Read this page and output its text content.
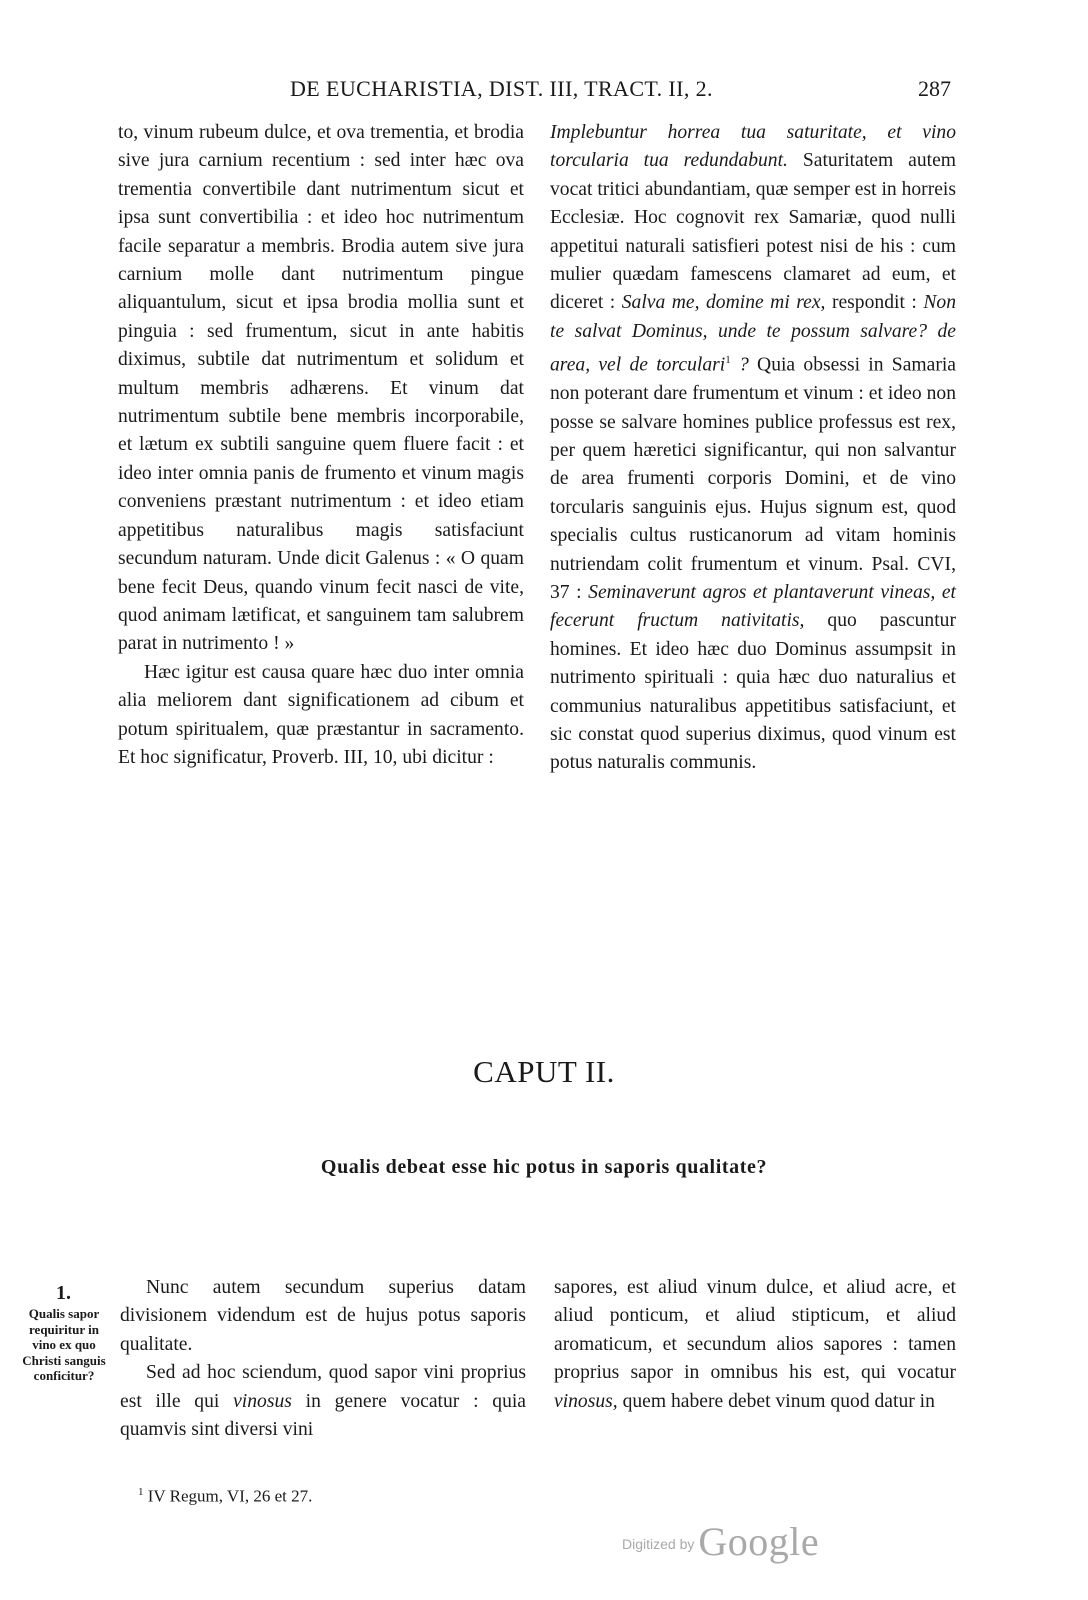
DE EUCHARISTIA, DIST. III, TRACT. II, 2.	287

to, vinum rubeum dulce, et ova trementia, et brodia sive jura carnium recentium : sed inter hæc ova trementia convertibile dant nutrimentum sicut et ipsa sunt convertibilia : et ideo hoc nutrimentum facile separatur a membris. Brodia autem sive jura carnium molle dant nutrimentum pingue aliquantulum, sicut et ipsa brodia mollia sunt et pinguia : sed frumentum, sicut in ante habitis diximus, subtile dat nutrimentum et solidum et multum membris adhærens. Et vinum dat nutrimentum subtile bene membris incorporabile, et lætum ex subtili sanguine quem fluere facit : et ideo inter omnia panis de frumento et vinum magis conveniens præstant nutrimentum : et ideo etiam appetitibus naturalibus magis satisfaciunt secundum naturam. Unde dicit Galenus : « O quam bene fecit Deus, quando vinum fecit nasci de vite, quod animam lætificat, et sanguinem tam salubrem parat in nutrimento ! »

Hæc igitur est causa quare hæc duo inter omnia alia meliorem dant significationem ad cibum et potum spiritualem, quæ præstantur in sacramento. Et hoc significatur, Proverb. III, 10, ubi dicitur :

Implebuntur horrea tua saturitate, et vino torcularia tua redundabunt. Saturitatem autem vocat tritici abundantiam, quæ semper est in horreis Ecclesiæ. Hoc cognovit rex Samariæ, quod nulli appetitui naturali satisfieri potest nisi de his : cum mulier quædam famescens clamaret ad eum, et diceret : Salva me, domine mi rex, respondit : Non te salvat Dominus, unde te possum salvare? de area, vel de torculari$^1$ ? Quia obsessi in Samaria non poterant dare frumentum et vinum : et ideo non posse se salvare homines publice professus est rex, per quem hæretici significantur, qui non salvantur de area frumenti corporis Domini, et de vino torcularis sanguinis ejus. Hujus signum est, quod specialis cultus rusticanorum ad vitam hominis nutriendam colit frumentum et vinum. Psal. CVI, 37 : Seminaverunt agros et plantaverunt vineas, et fecerunt fructum nativitatis, quo pascuntur homines. Et ideo hæc duo Dominus assumpsit in nutrimento spirituali : quia hæc duo naturalius et communius naturalibus appetitibus satisfaciunt, et sic constat quod superius diximus, quod vinum est potus naturalis communis.

CAPUT II.
Qualis debeat esse hic potus in saporis qualitate?
1.
Qualis sapor requiritur in vino ex quo Christi sanguis conficitur?

Nunc autem secundum superius datam divisionem videndum est de hujus potus saporis qualitate.

Sed ad hoc sciendum, quod sapor vini proprius est ille qui vinosus in genere vocatur : quia quamvis sint diversi vini

sapores, est aliud vinum dulce, et aliud acre, et aliud ponticum, et aliud stipticum, et aliud aromaticum, et secundum alios sapores : tamen proprius sapor in omnibus his est, qui vocatur vinosus, quem habere debet vinum quod datur in

$^1$ IV Regum, VI, 26 et 27.
Digitized by Google
